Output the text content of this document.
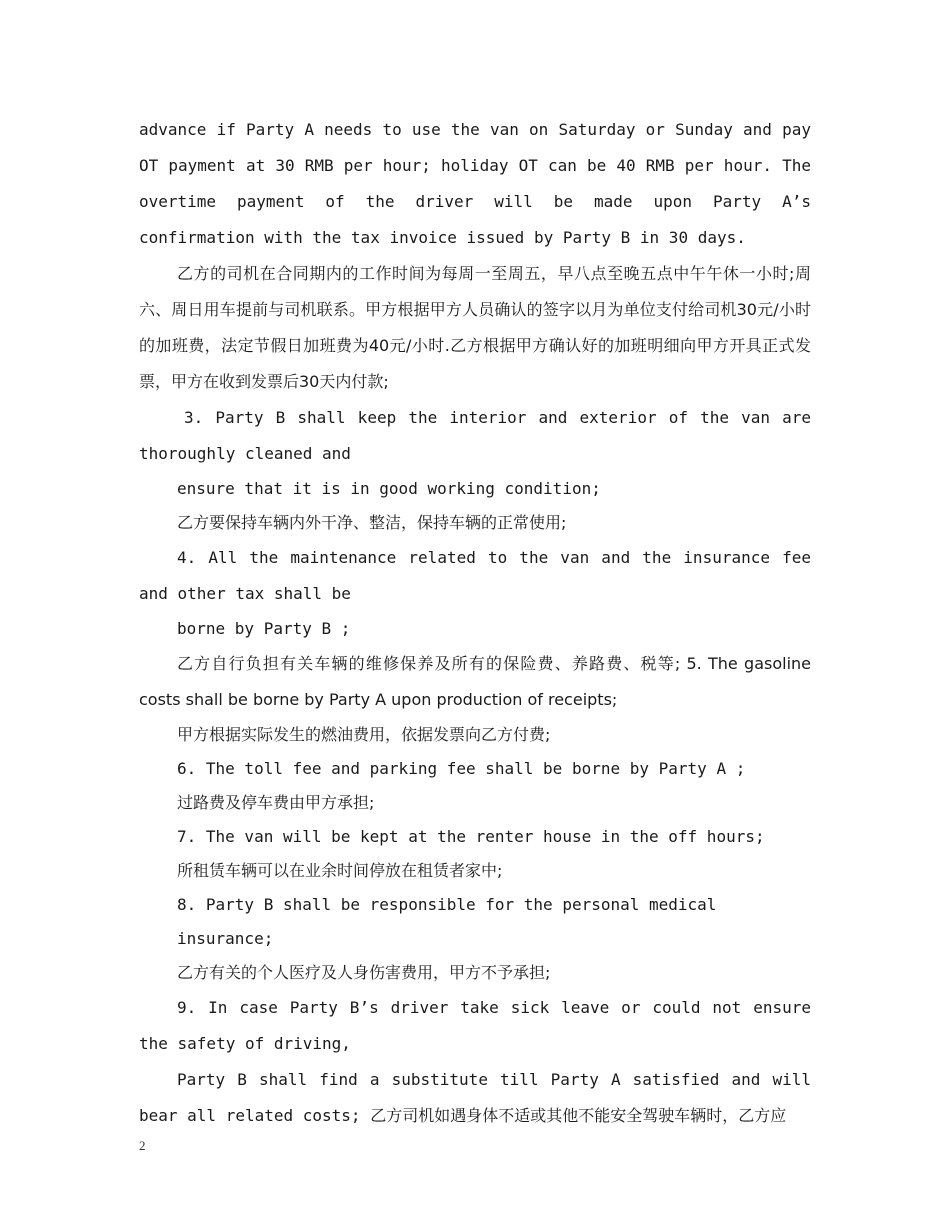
advance if Party A needs to use the van on Saturday or Sunday and pay OT payment at 30 RMB per hour; holiday OT can be 40 RMB per hour. The overtime payment of the driver will be made upon Party A’s confirmation with the tax invoice issued by Party B in 30 days.

乙方的司机在合同期内的工作时间为每周一至周五，早八点至晚五点中午午休一小时;周六、周日用车提前与司机联系。甲方根据甲方人员确认的签字以月为单位支付给司机30元/小时的加班费，法定节假日加班费为40元/小时.乙方根据甲方确认好的加班明细向甲方开具正式发票，甲方在收到发票后30天内付款;

3. Party B shall keep the interior and exterior of the van are thoroughly cleaned and

ensure that it is in good working condition;

乙方要保持车辆内外干净、整洁，保持车辆的正常使用;

4. All the maintenance related to the van and the insurance fee and other tax shall be

borne by Party B ;

乙方自行负担有关车辆的维修保养及所有的保险费、养路费、税等; 5. The gasoline costs shall be borne by Party A upon production of receipts;

甲方根据实际发生的燃油费用，依据发票向乙方付费;

6. The toll fee and parking fee shall be borne by Party A ;

过路费及停车费由甲方承担;

7. The van will be kept at the renter house in the off hours;

所租赁车辆可以在业余时间停放在租赁者家中;

8. Party B shall be responsible for the personal medical insurance;

乙方有关的个人医疗及人身伤害费用，甲方不予承担;

9. In case Party B’s driver take sick leave or could not ensure the safety of driving,

Party B shall find a substitute till Party A satisfied and will bear all related costs; 乙方司机如遇身体不适或其他不能安全驾驶车辆时，乙方应

2
